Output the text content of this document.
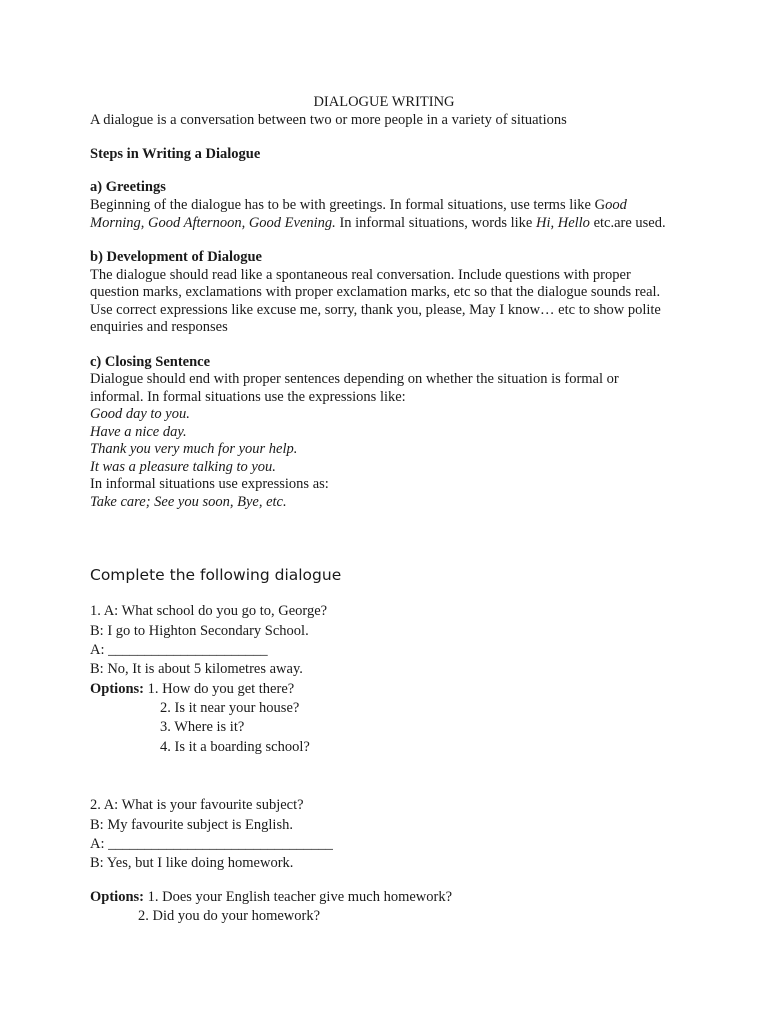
DIALOGUE WRITING
A dialogue is a conversation between two or more people in a variety of situations
Steps in Writing a Dialogue
a) Greetings
Beginning of the dialogue has to be with greetings. In formal situations, use terms like Good
Morning, Good Afternoon, Good Evening. In informal situations, words like Hi, Hello etc.are used.
b) Development of Dialogue
The dialogue should read like a spontaneous real conversation. Include questions with proper
question marks, exclamations with proper exclamation marks, etc so that the dialogue sounds real.
Use correct expressions like excuse me, sorry, thank you, please, May I know… etc to show polite
enquiries and responses
c) Closing Sentence
Dialogue should end with proper sentences depending on whether the situation is formal or
informal. In formal situations use the expressions like:
Good day to you.
Have a nice day.
Thank you very much for your help.
It was a pleasure talking to you.
In informal situations use expressions as:
Take care; See you soon, Bye, etc.
Complete the following dialogue
1. A: What school do you go to, George?
B: I go to Highton Secondary School.
A: ______________________
B: No, It is about 5 kilometres away.
Options: 1. How do you get there?
2. Is it near your house?
3. Where is it?
4. Is it a boarding school?
2. A: What is your favourite subject?
B: My favourite subject is English.
A: _______________________________
B: Yes, but I like doing homework.
Options: 1. Does your English teacher give much homework?
2. Did you do your homework?
